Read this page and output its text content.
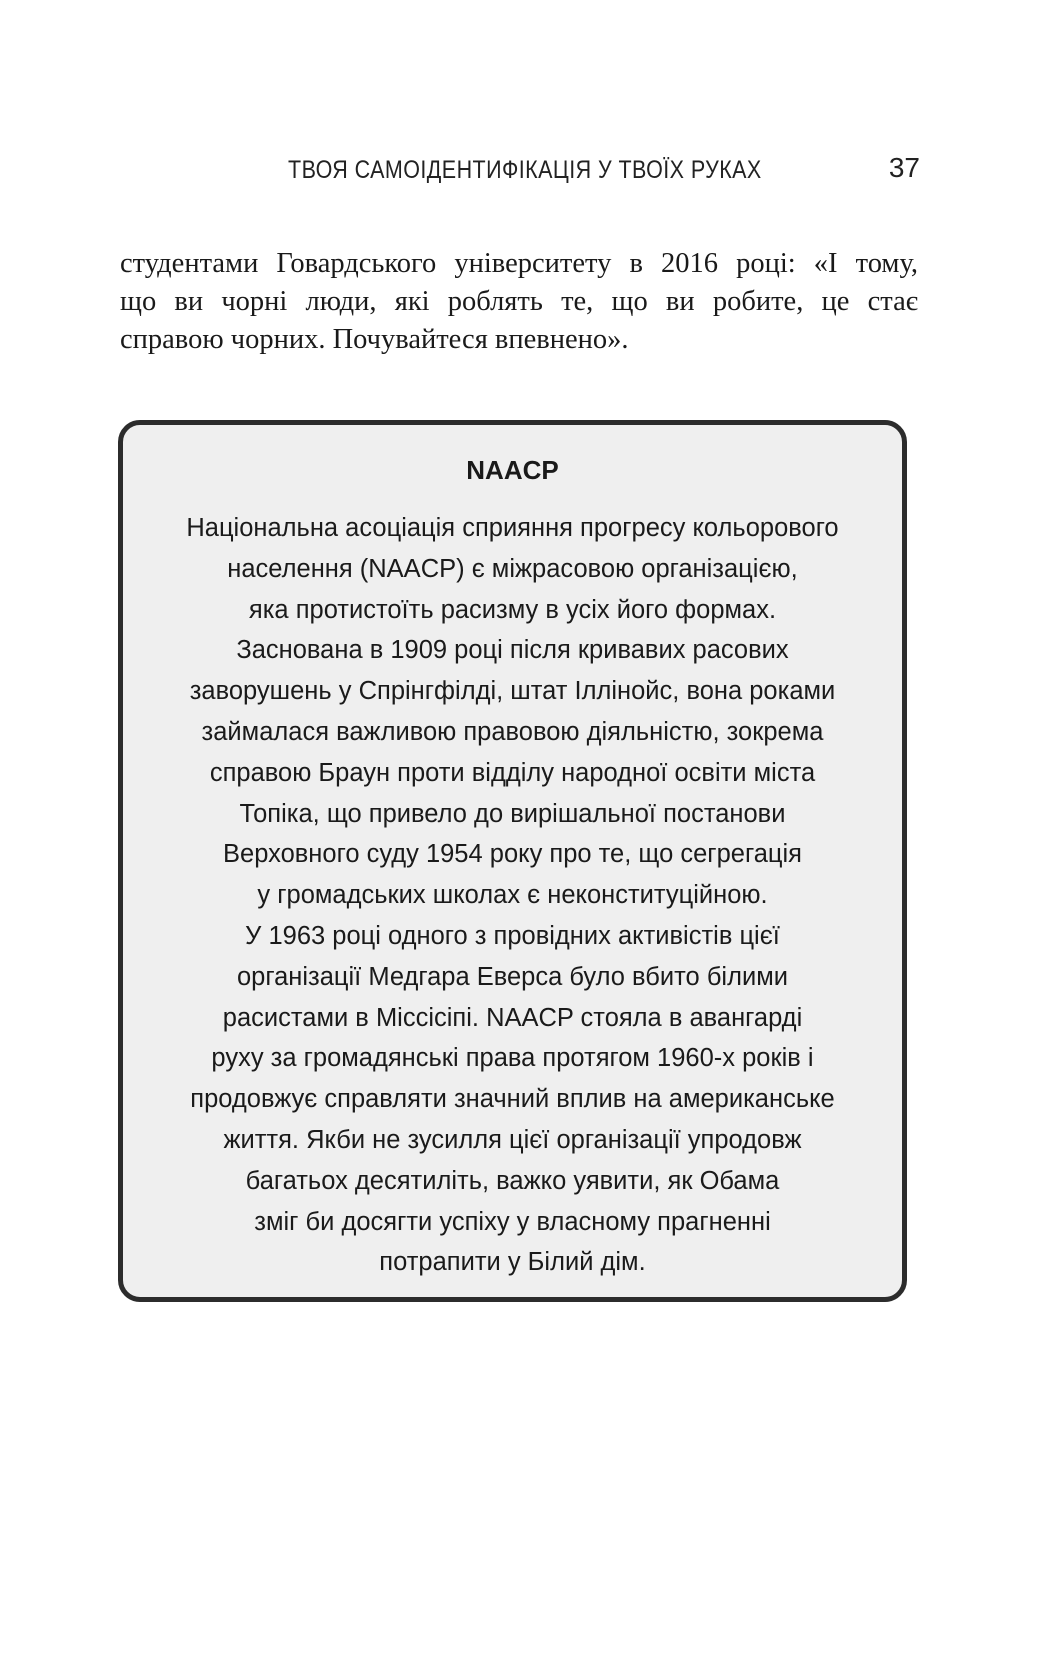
ТВОЯ САМОІДЕНТИФІКАЦІЯ У ТВОЇХ РУКАХ	37
студентами Говардського університету в 2016 році: «І тому,
що ви чорні люди, які роблять те, що ви робите, це стає
справою чорних. Почувайтеся впевнено».
NAACP
Національна асоціація сприяння прогресу кольорового
населення (NAACP) є міжрасовою організацією,
яка протистоїть расизму в усіх його формах.
Заснована в 1909 році після кривавих расових
заворушень у Спрінгфілді, штат Іллінойс, вона роками
займалася важливою правовою діяльністю, зокрема
справою Браун проти відділу народної освіти міста
Топіка, що привело до вирішальної постанови
Верховного суду 1954 року про те, що сегрегація
у громадських школах є неконституційною.
У 1963 році одного з провідних активістів цієї
організації Медгара Еверса було вбито білими
расистами в Міссісіпі. NAACP стояла в авангарді
руху за громадянські права протягом 1960-х років і
продовжує справляти значний вплив на американське
життя. Якби не зусилля цієї організації упродовж
багатьох десятиліть, важко уявити, як Обама
зміг би досягти успіху у власному прагненні
потрапити у Білий дім.
